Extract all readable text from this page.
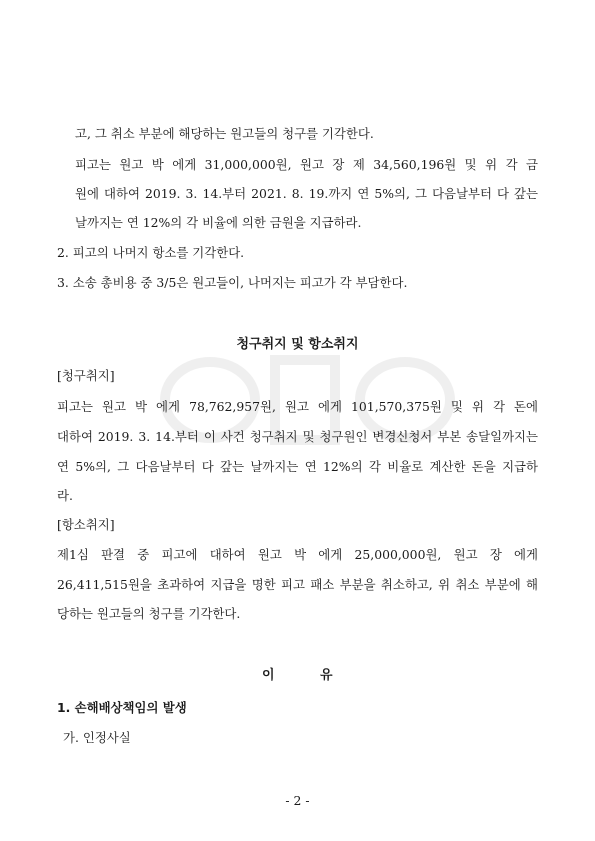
고, 그 취소 부분에 해당하는 원고들의 청구를 기각한다.
피고는 원고 박 에게 31,000,000원, 원고 장 제 34,560,196원 및 위 각 금
원에 대하여 2019. 3. 14.부터 2021. 8. 19.까지 연 5%의, 그 다음날부터 다 갚는
날까지는 연 12%의 각 비율에 의한 금원을 지급하라.
2. 피고의 나머지 항소를 기각한다.
3. 소송 총비용 중 3/5은 원고들이, 나머지는 피고가 각 부담한다.
청구취지 및 항소취지
[청구취지]
피고는 원고 박 에게 78,762,957원, 원고 에게 101,570,375원 및 위 각 돈에
대하여 2019. 3. 14.부터 이 사건 청구취지 및 청구원인 변경신청서 부본 송달일까지는
연 5%의, 그 다음날부터 다 갚는 날까지는 연 12%의 각 비율로 계산한 돈을 지급하
라.
[항소취지]
제1심 판결 중 피고에 대하여 원고 박 에게 25,000,000원, 원고 장 에게
26,411,515원을 초과하여 지급을 명한 피고 패소 부분을 취소하고, 위 취소 부분에 해
당하는 원고들의 청구를 기각한다.
이	유
1. 손해배상책임의 발생
가. 인정사실
- 2 -
